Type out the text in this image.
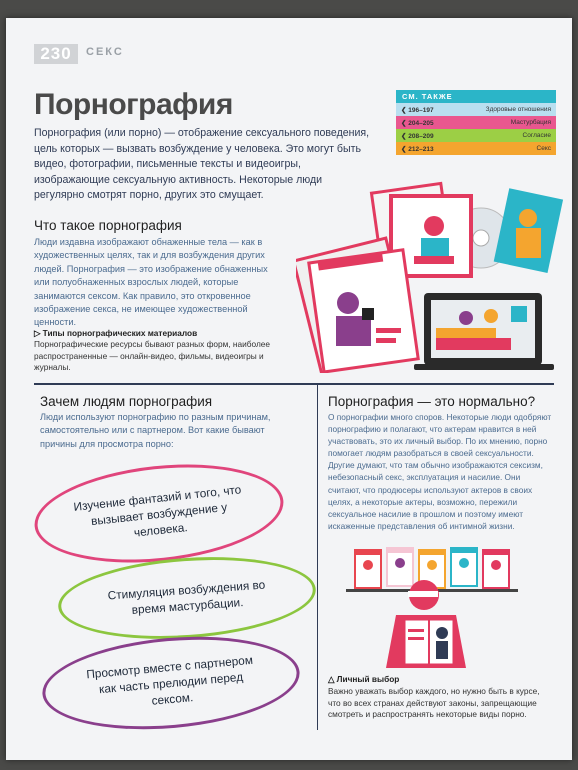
230	СЕКС
Порнография
Порнография (или порно) — отображение сексуального поведения, цель которых — вызвать возбуждение у человека. Это могут быть видео, фотографии, письменные тексты и видеоигры, изображающие сексуальную активность. Некоторые люди регулярно смотрят порно, других это смущает.
СМ. ТАКЖЕ
❮ 196–197	Здоровые отношения
❮ 204–205	Мастурбация
❮ 208–209	Согласие
❮ 212–213	Секс
Что такое порнография
Люди издавна изображают обнаженные тела — как в художественных целях, так и для возбуждения других людей. Порнография — это изображение обнаженных или полуобнаженных взрослых людей, которые занимаются сексом. Как правило, это откровенное изображение секса, не имеющее художественной ценности.
▷ Типы порнографических материалов
Порнографические ресурсы бывают разных форм, наиболее распространенные — онлайн-видео, фильмы, видеоигры и журналы.
Зачем людям порнография
Люди используют порнографию по разным причинам, самостоятельно или с партнером. Вот какие бывают причины для просмотра порно:
Изучение фантазий и того, что вызывает возбуждение у человека.
Стимуляция возбуждения во время мастурбации.
Просмотр вместе с партнером как часть прелюдии перед сексом.
Порнография — это нормально?
О порнографии много споров. Некоторые люди одобряют порнографию и полагают, что актерам нравится в ней участвовать, это их личный выбор. По их мнению, порно помогает людям разобраться в своей сексуальности. Другие думают, что там обычно изображаются сексизм, небезопасный секс, эксплуатация и насилие. Они считают, что продюсеры используют актеров в своих целях, а некоторые актеры, возможно, пережили сексуальное насилие в прошлом и поэтому имеют искаженные представления об интимной жизни.
△ Личный выбор
Важно уважать выбор каждого, но нужно быть в курсе, что во всех странах действуют законы, запрещающие смотреть и распространять некоторые виды порно.
